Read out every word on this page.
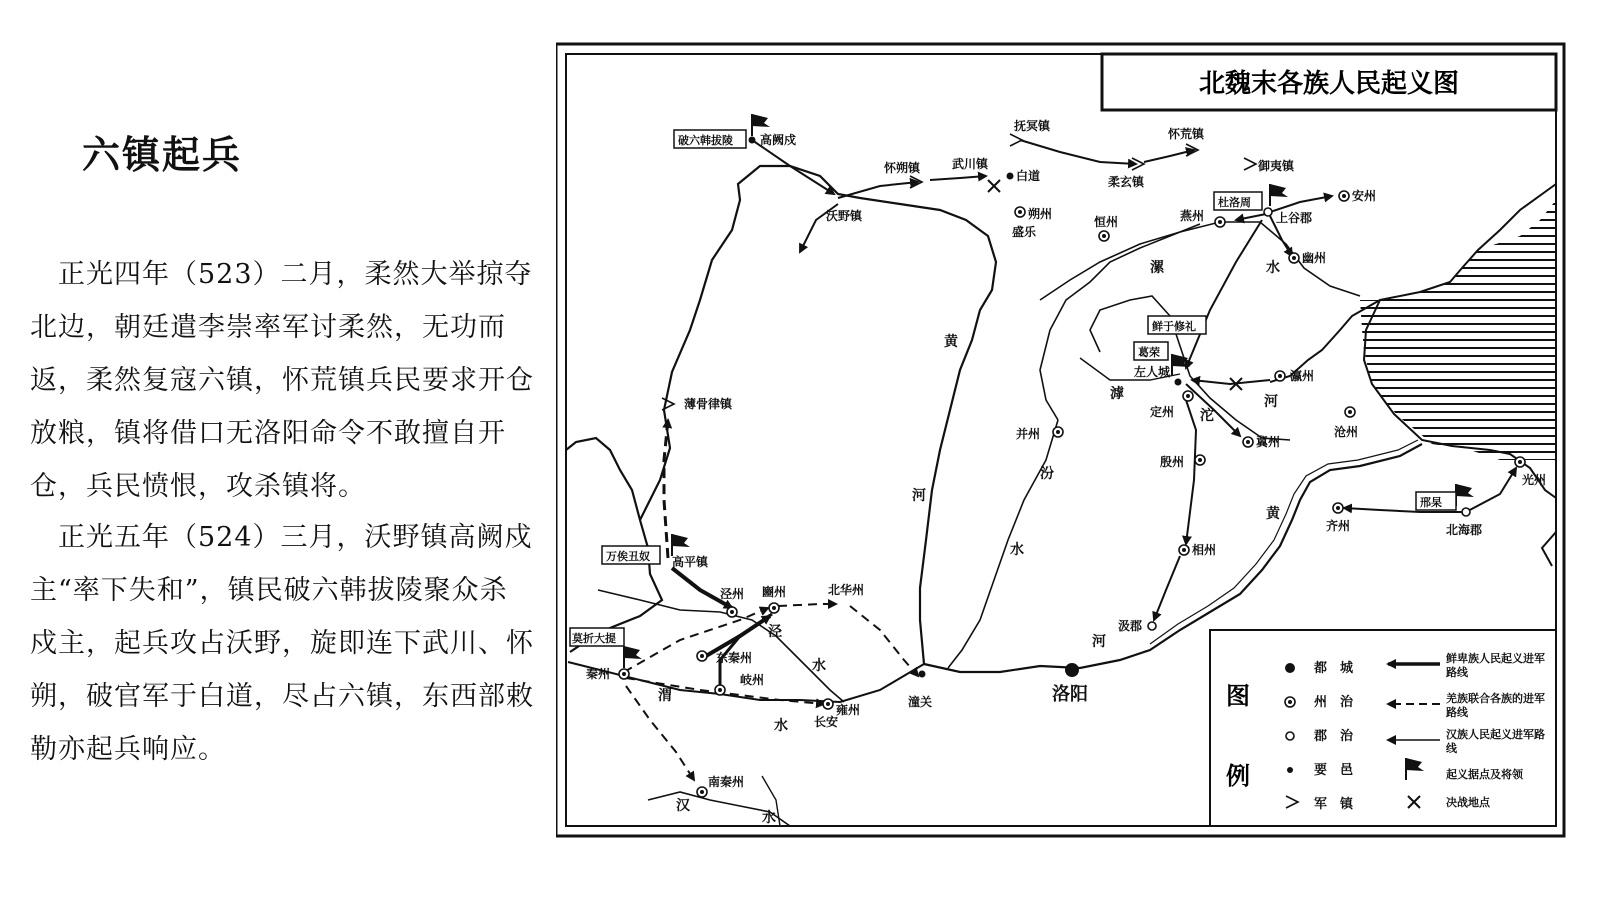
六镇起兵
　正光四年（523）二月，柔然大举掠夺北边，朝廷遣李崇率军讨柔然，无功而返，柔然复寇六镇，怀荒镇兵民要求开仓放粮，镇将借口无洛阳命令不敢擅自开仓，兵民愤恨，攻杀镇将。
　正光五年（524）三月，沃野镇高阙戍主“率下失和”，镇民破六韩拔陵聚众杀戍主，起兵攻占沃野，旋即连下武川、怀朔，破官军于白道，尽占六镇，东西部敕勒亦起兵响应。
北魏末各族人民起义图
破六韩拔陵
杜洛周
鲜于修礼
葛荣
邢杲
万俟丑奴
莫折大提
高阙戍
沃野镇
怀朔镇	武川镇
白道
抚冥镇
柔玄镇
怀荒镇
御夷镇
朔州
盛乐
恒州	燕州	上谷郡
安州
幽州
左人城
定州
瀛州
冀州
沧州
并州
殷州
相州
汲郡
齐州	北海郡
光州
薄骨律镇
高平镇
泾州 豳州	北华州
东秦州
岐州
雍州
长安
潼关
秦州
南秦州
洛阳
黄
河
汾
水
漯	水
滹
沱
河
黄
河
泾
水
渭
水
汉
水
图
例
都　城
州　治
郡　治
要　邑
军　镇
鲜卑族人民起义进军路线
羌族联合各族的进军路线
汉族人民起义进军路线
起义据点及将领
决战地点
